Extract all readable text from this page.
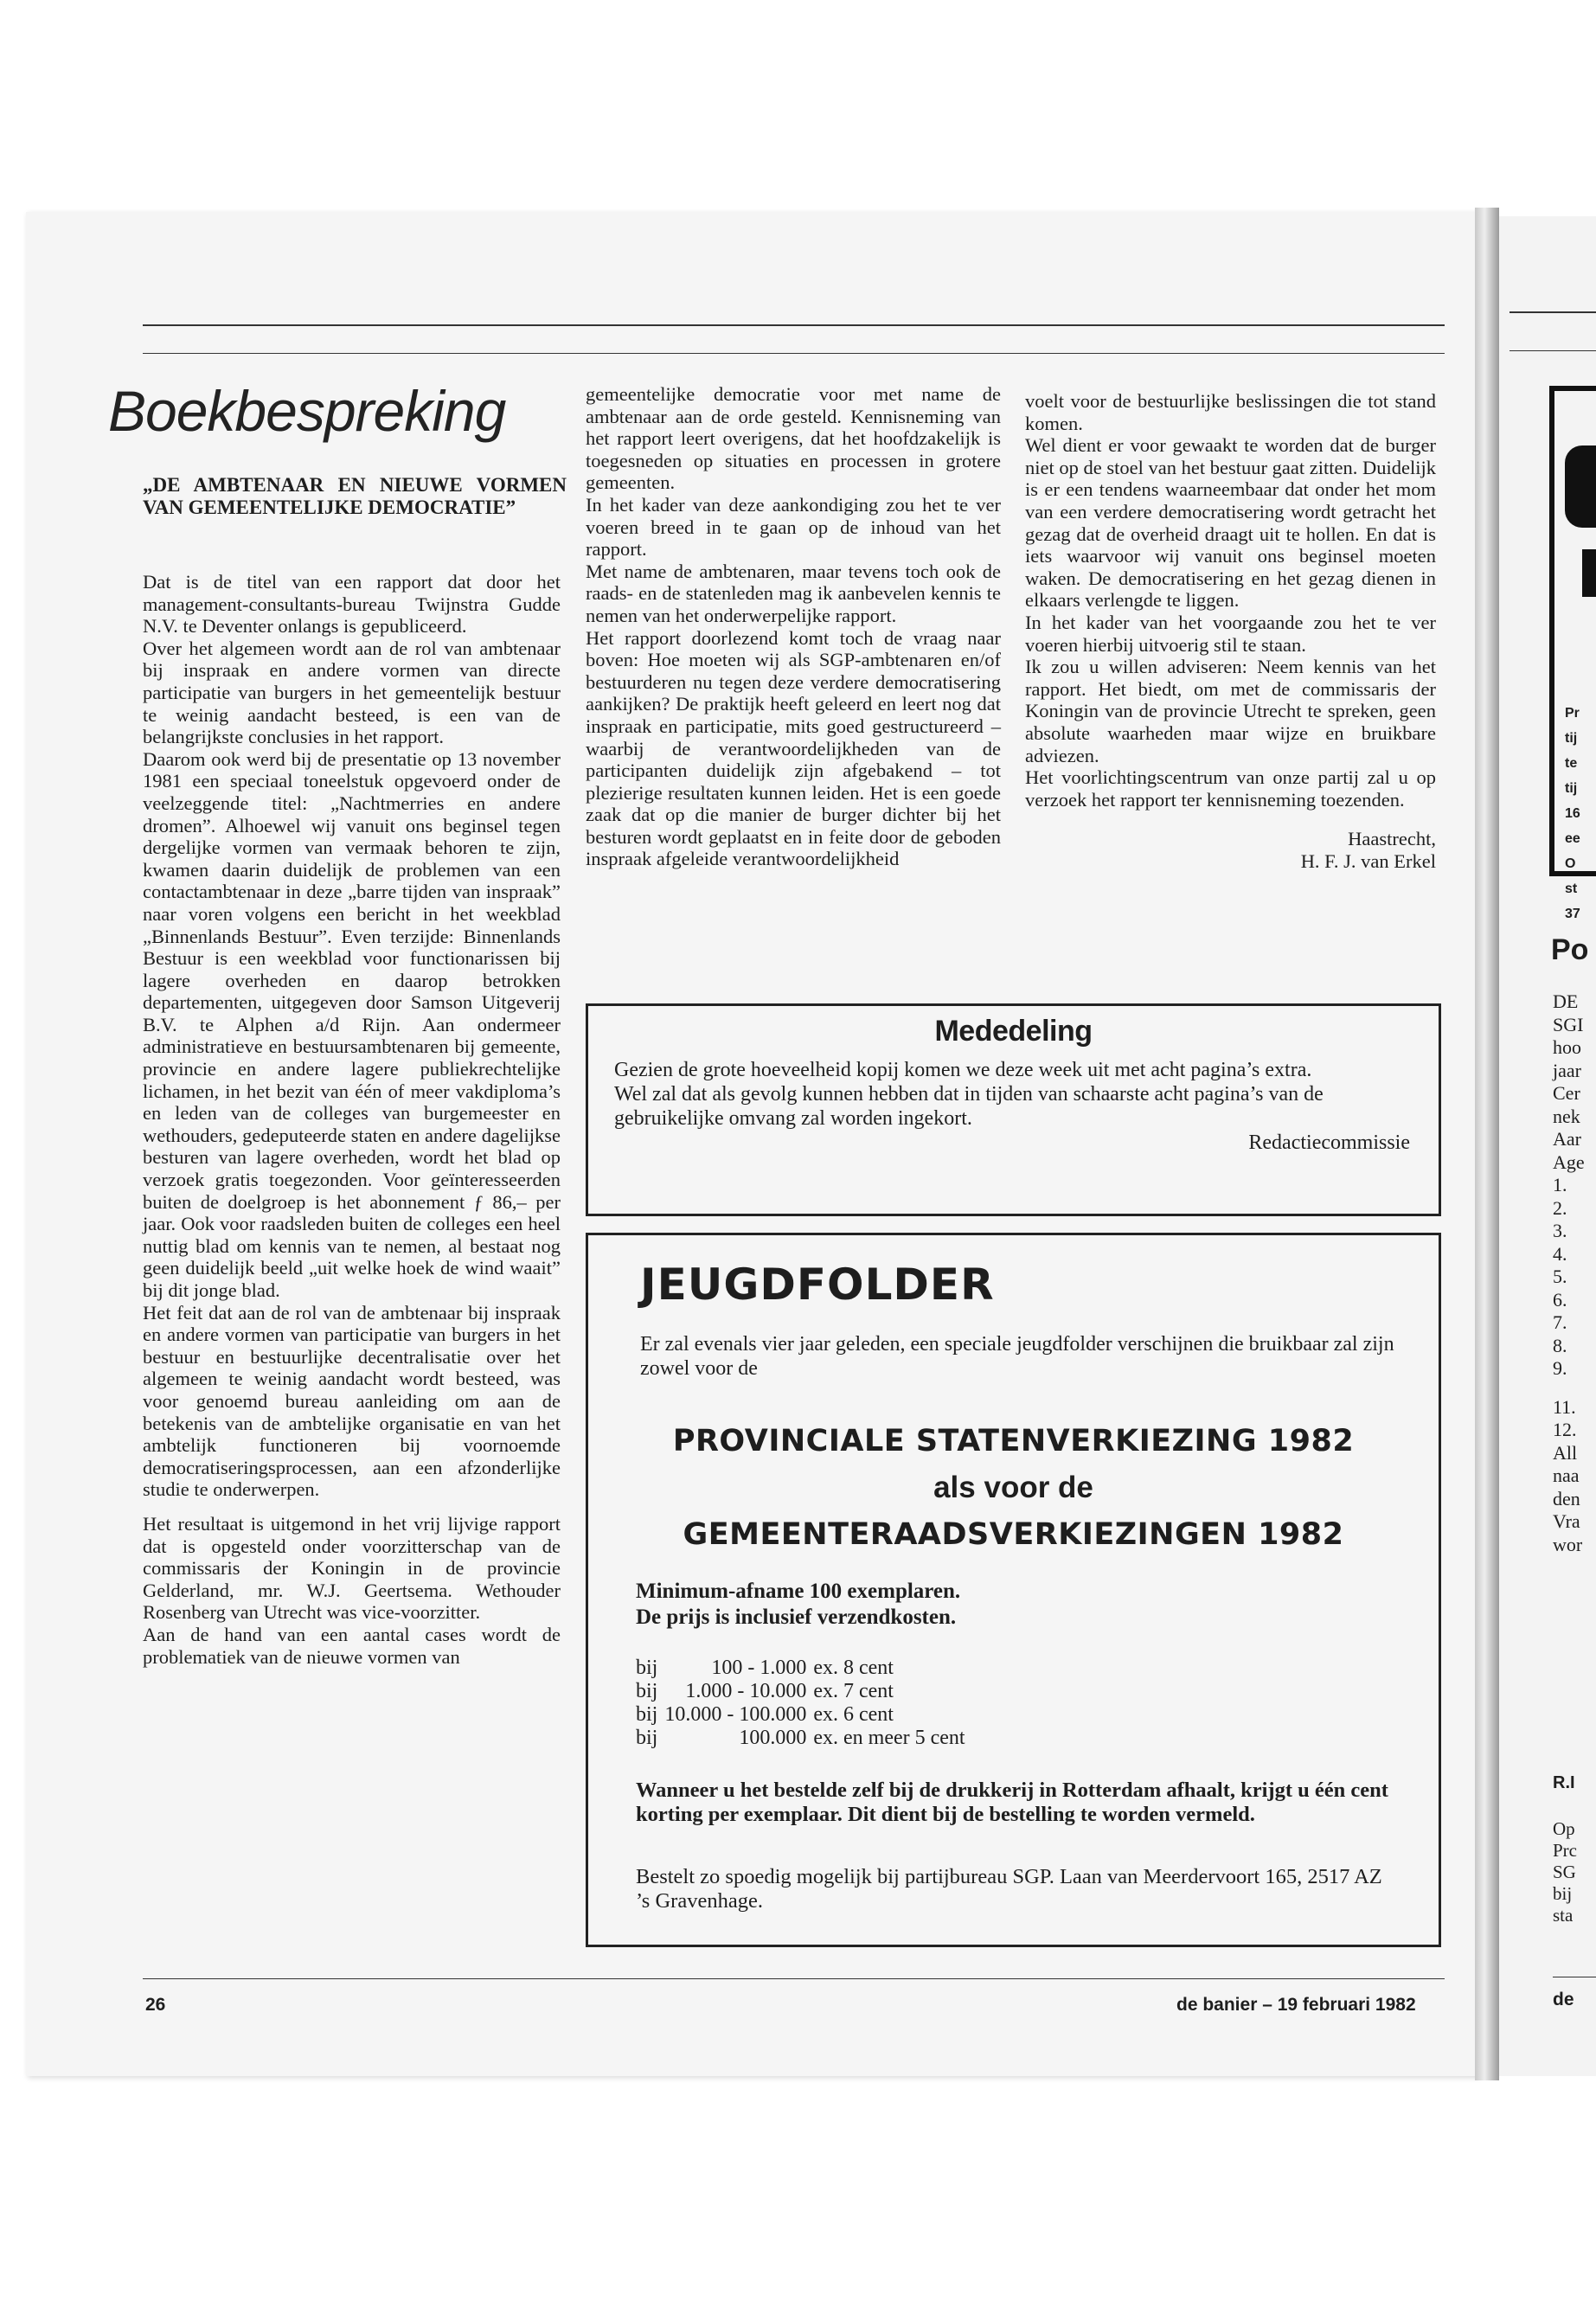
Boekbespreking
„DE AMBTENAAR EN NIEUWE VORMEN VAN GEMEENTELIJKE DEMOCRATIE”

Dat is de titel van een rapport dat door het management-consultants-bureau Twijnstra Gudde N.V. te Deventer onlangs is gepubliceerd.

Over het algemeen wordt aan de rol van ambtenaar bij inspraak en andere vormen van directe participatie van burgers in het gemeentelijk bestuur te weinig aandacht besteed, is een van de belangrijkste conclusies in het rapport.

Daarom ook werd bij de presentatie op 13 november 1981 een speciaal toneelstuk opgevoerd onder de veelzeggende titel: „Nachtmerries en andere dromen”. Alhoewel wij vanuit ons beginsel tegen dergelijke vormen van vermaak behoren te zijn, kwamen daarin duidelijk de problemen van een contactambtenaar in deze „barre tijden van inspraak” naar voren volgens een bericht in het weekblad „Binnenlands Bestuur”. Even terzijde: Binnenlands Bestuur is een weekblad voor functionarissen bij lagere overheden en daarop betrokken departementen, uitgegeven door Samson Uitgeverij B.V. te Alphen a/d Rijn. Aan ondermeer administratieve en bestuursambtenaren bij gemeente, provincie en andere lagere publiekrechtelijke lichamen, in het bezit van één of meer vakdiploma’s en leden van de colleges van burgemeester en wethouders, gedeputeerde staten en andere dagelijkse besturen van lagere overheden, wordt het blad op verzoek gratis toegezonden. Voor geïnteresseerden buiten de doelgroep is het abonnement ƒ 86,– per jaar. Ook voor raadsleden buiten de colleges een heel nuttig blad om kennis van te nemen, al bestaat nog geen duidelijk beeld „uit welke hoek de wind waait” bij dit jonge blad.

Het feit dat aan de rol van de ambtenaar bij inspraak en andere vormen van participatie van burgers in het bestuur en bestuurlijke decentralisatie over het algemeen te weinig aandacht wordt besteed, was voor genoemd bureau aanleiding om aan de betekenis van de ambtelijke organisatie en van het ambtelijk functioneren bij voornoemde democratiseringsprocessen, aan een afzonderlijke studie te onderwerpen.

Het resultaat is uitgemond in het vrij lijvige rapport dat is opgesteld onder voorzitterschap van de commissaris der Koningin in de provincie Gelderland, mr. W.J. Geertsema. Wethouder Rosenberg van Utrecht was vice-voorzitter.

Aan de hand van een aantal cases wordt de problematiek van de nieuwe vormen van

gemeentelijke democratie voor met name de ambtenaar aan de orde gesteld. Kennisneming van het rapport leert overigens, dat het hoofdzakelijk is toegesneden op situaties en processen in grotere gemeenten.

In het kader van deze aankondiging zou het te ver voeren breed in te gaan op de inhoud van het rapport.

Met name de ambtenaren, maar tevens toch ook de raads- en de statenleden mag ik aanbevelen kennis te nemen van het onderwerpelijke rapport.

Het rapport doorlezend komt toch de vraag naar boven: Hoe moeten wij als SGP-ambtenaren en/of bestuurderen nu tegen deze verdere democratisering aankijken? De praktijk heeft geleerd en leert nog dat inspraak en participatie, mits goed gestructureerd – waarbij de verantwoordelijkheden van de participanten duidelijk zijn afgebakend – tot plezierige resultaten kunnen leiden. Het is een goede zaak dat op die manier de burger dichter bij het besturen wordt geplaatst en in feite door de geboden inspraak afgeleide verantwoordelijkheid

voelt voor de bestuurlijke beslissingen die tot stand komen.

Wel dient er voor gewaakt te worden dat de burger niet op de stoel van het bestuur gaat zitten. Duidelijk is er een tendens waarneembaar dat onder het mom van een verdere democratisering wordt getracht het gezag dat de overheid draagt uit te hollen. En dat is iets waarvoor wij vanuit ons beginsel moeten waken. De democratisering en het gezag dienen in elkaars verlengde te liggen.

In het kader van het voorgaande zou het te ver voeren hierbij uitvoerig stil te staan.

Ik zou u willen adviseren: Neem kennis van het rapport. Het biedt, om met de commissaris der Koningin van de provincie Utrecht te spreken, geen absolute waarheden maar wijze en bruikbare adviezen.

Het voorlichtingscentrum van onze partij zal u op verzoek het rapport ter kennisneming toezenden.

Haastrecht,

H. F. J. van Erkel

Mededeling

Gezien de grote hoeveelheid kopij komen we deze week uit met acht pagina’s extra.

Wel zal dat als gevolg kunnen hebben dat in tijden van schaarste acht pagina’s van de gebruikelijke omvang zal worden ingekort.

Redactiecommissie

JEUGDFOLDER
Er zal evenals vier jaar geleden, een speciale jeugdfolder verschijnen die bruikbaar zal zijn zowel voor de
PROVINCIALE STATENVERKIEZING 1982
als voor de
GEMEENTERAADSVERKIEZINGEN 1982
Minimum-afname 100 exemplaren.
De prijs is inclusief verzendkosten.
bij	100 - 1.000	ex. 8 cent
bij	1.000 - 10.000	ex. 7 cent
bij	10.000 - 100.000	ex. 6 cent
bij	100.000	ex. en meer 5 cent
Wanneer u het bestelde zelf bij de drukkerij in Rotterdam afhaalt, krijgt u één cent korting per exemplaar. Dit dient bij de bestelling te worden vermeld.
Bestelt zo spoedig mogelijk bij partijbureau SGP. Laan van Meerdervoort 165, 2517 AZ ’s Gravenhage.
26	de banier – 19 februari 1982
Pr
tij
te
tij
16
ee
O
st
37
Po
DE
SGI
hoo
jaar
Cer
nek
Aar
Age
1.
2.
3.
4.
5.
6.
7.
8.
9.
11.
12.
All
naa
den
Vra
wor
R.I
Op
Prc
SG
bij
sta
de
